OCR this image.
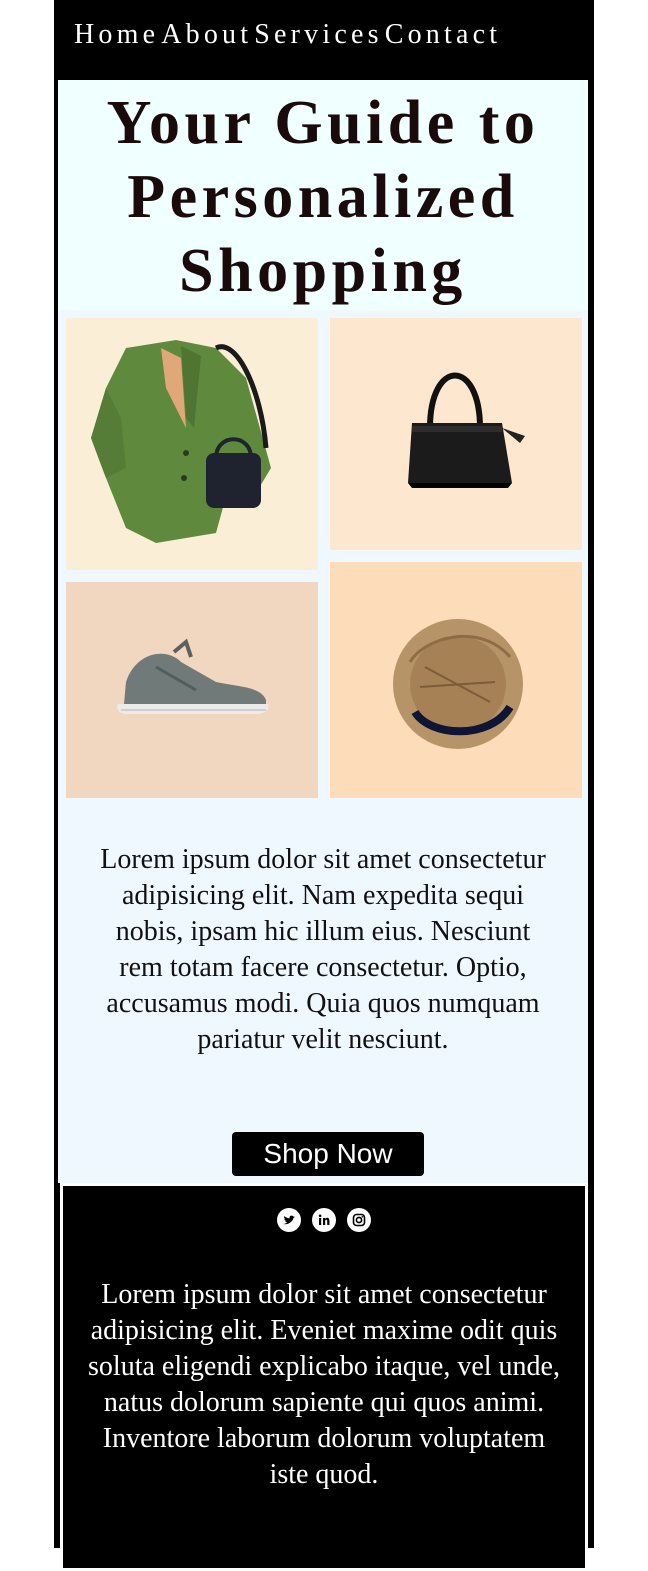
Home About Services Contact
Your Guide to Personalized Shopping

Lorem ipsum dolor sit amet consectetur adipisicing elit. Nam expedita sequi nobis, ipsam hic illum eius. Nesciunt rem totam facere consectetur. Optio, accusamus modi. Quia quos numquam pariatur velit nesciunt.

Shop Now

Lorem ipsum dolor sit amet consectetur adipisicing elit. Eveniet maxime odit quis soluta eligendi explicabo itaque, vel unde, natus dolorum sapiente qui quos animi. Inventore laborum dolorum voluptatem iste quod.
